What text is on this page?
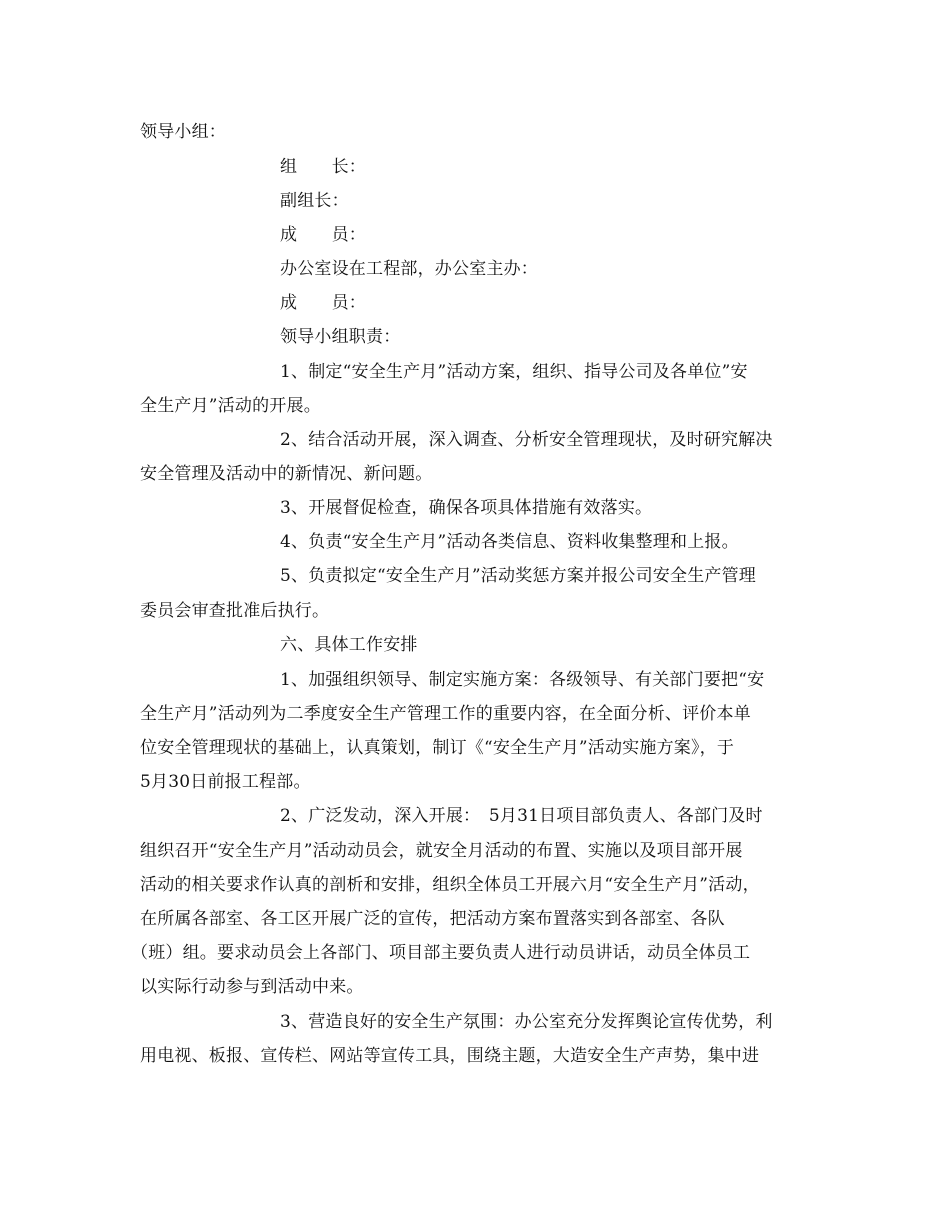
领导小组：
组　　长：
副组长：
成　　员：
办公室设在工程部，办公室主办：
成　　员：
领导小组职责：
1、制定“安全生产月”活动方案，组织、指导公司及各单位”安
全生产月”活动的开展。
2、结合活动开展，深入调查、分析安全管理现状，及时研究解决
安全管理及活动中的新情况、新问题。
3、开展督促检查，确保各项具体措施有效落实。
4、负责“安全生产月”活动各类信息、资料收集整理和上报。
5、负责拟定“安全生产月”活动奖惩方案并报公司安全生产管理
委员会审查批准后执行。
六、具体工作安排
1、加强组织领导、制定实施方案：各级领导、有关部门要把“安
全生产月”活动列为二季度安全生产管理工作的重要内容，在全面分析、评价本单
位安全管理现状的基础上，认真策划，制订《“安全生产月”活动实施方案》，于
5月30日前报工程部。
2、广泛发动，深入开展：　5月31日项目部负责人、各部门及时
组织召开“安全生产月”活动动员会，就安全月活动的布置、实施以及项目部开展
活动的相关要求作认真的剖析和安排，组织全体员工开展六月“安全生产月”活动，
在所属各部室、各工区开展广泛的宣传，把活动方案布置落实到各部室、各队
（班）组。要求动员会上各部门、项目部主要负责人进行动员讲话，动员全体员工
以实际行动参与到活动中来。
3、营造良好的安全生产氛围：办公室充分发挥舆论宣传优势，利
用电视、板报、宣传栏、网站等宣传工具，围绕主题，大造安全生产声势，集中进
